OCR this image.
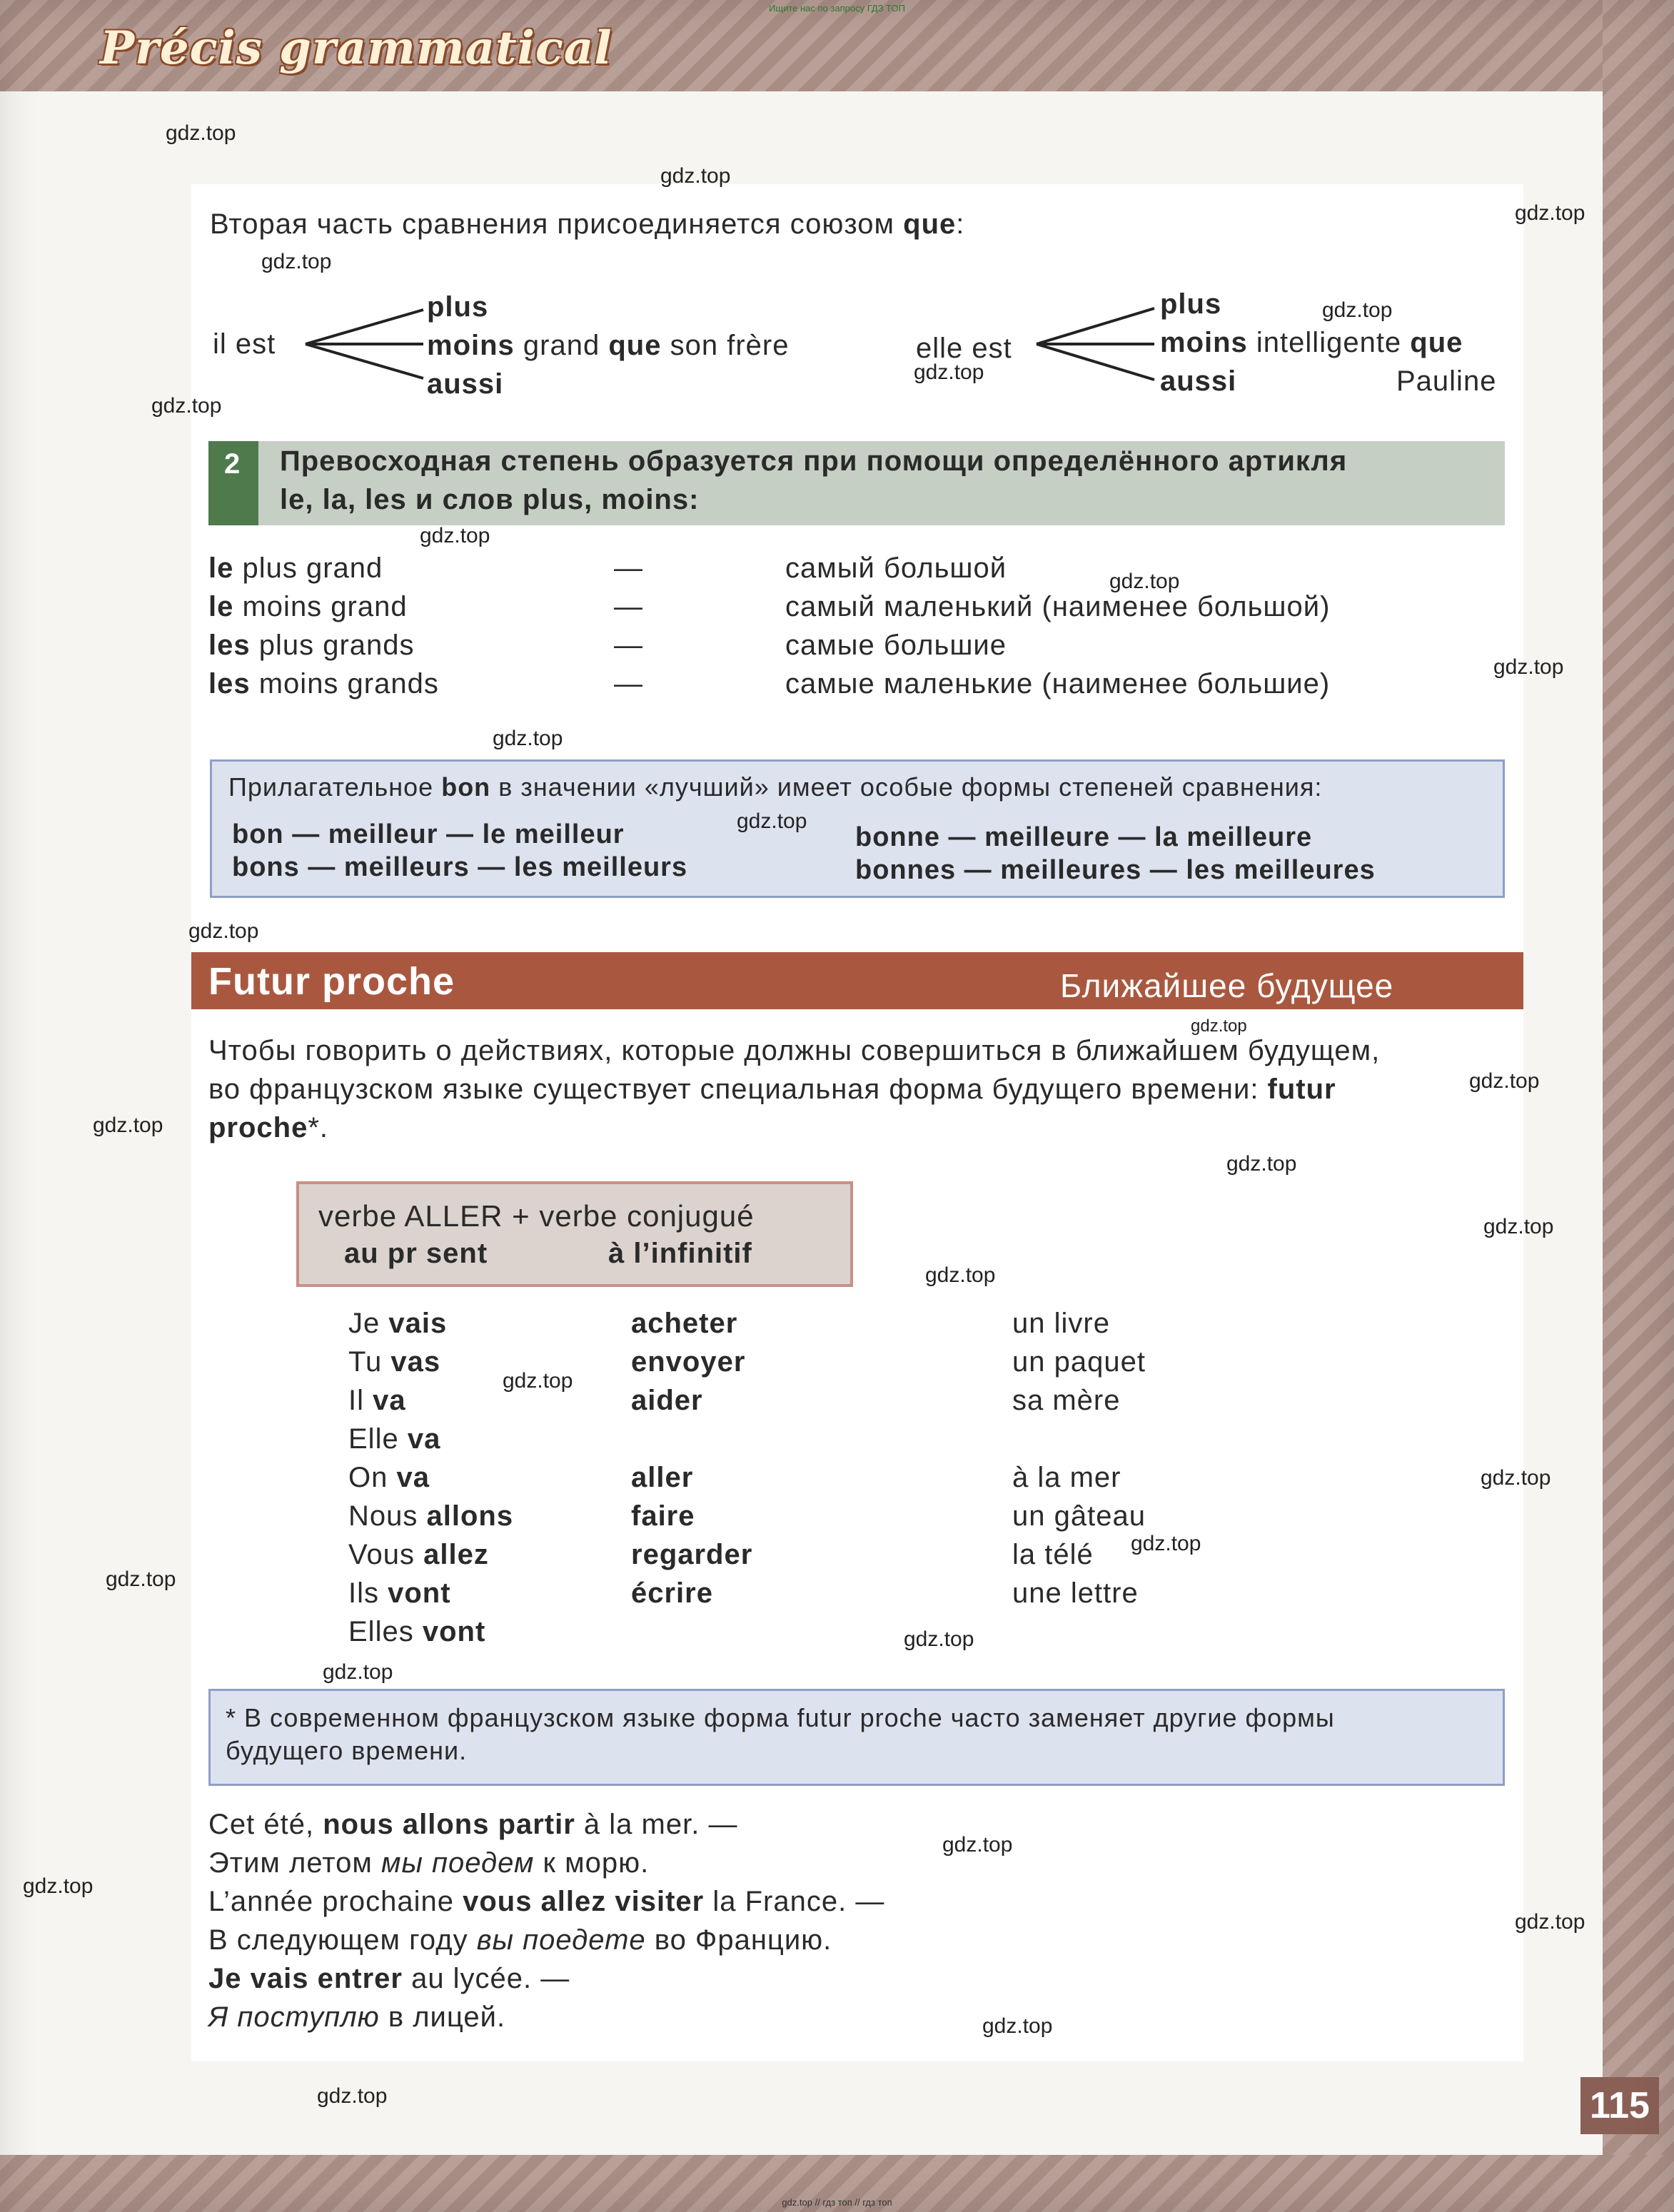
Ищите нас по запросу ГДЗ ТОП
Précis grammatical
Вторая часть сравнения присоединяется союзом que:
il est
plus
moins grand que son frère
aussi
elle est
plus
moins intelligente que
aussi	Pauline
2 Превосходная степень образуется при помощи определённого артикля
le, la, les и слов plus, moins:
le plus grand	—	самый большой
le moins grand	—	самый маленький (наименее большой)
les plus grands	—	самые большие
les moins grands	—	самые маленькие (наименее большие)
Прилагательное bon в значении «лучший» имеет особые формы степеней сравнения:
bon — meilleur — le meilleur
bons — meilleurs — les meilleurs
bonne — meilleure — la meilleure
bonnes — meilleures — les meilleures
Futur proche	Ближайшее будущее
Чтобы говорить о действиях, которые должны совершиться в ближайшем будущем,
во французском языке существует специальная форма будущего времени: futur
proche*.
verbe ALLER + verbe conjugué
au pr sent	à l’infinitif
Je vais	acheter	un livre
Tu vas	envoyer	un paquet
Il va	aider	sa mère
Elle va
On va	aller	à la mer
Nous allons	faire	un gâteau
Vous allez	regarder	la télé
Ils vont	écrire	une lettre
Elles vont
* В современном французском языке форма futur proche часто заменяет другие формы
будущего времени.
Cet été, nous allons partir à la mer. —
Этим летом мы поедем к морю.
L’année prochaine vous allez visiter la France. —
В следующем году вы поедете во Францию.
Je vais entrer au lycée. —
Я поступлю в лицей.
115
gdz.top
gdz.top
gdz.top
gdz.top
gdz.top
gdz.top
gdz.top
gdz.top
gdz.top
gdz.top
gdz.top
gdz.top
gdz.top
gdz.top
gdz.top
gdz.top
gdz.top
gdz.top
gdz.top
gdz.top
gdz.top
gdz.top
gdz.top
gdz.top
gdz.top
gdz.top
gdz.top
gdz.top
gdz.top
gdz.top
gdz.top // гдз топ // гдз топ
